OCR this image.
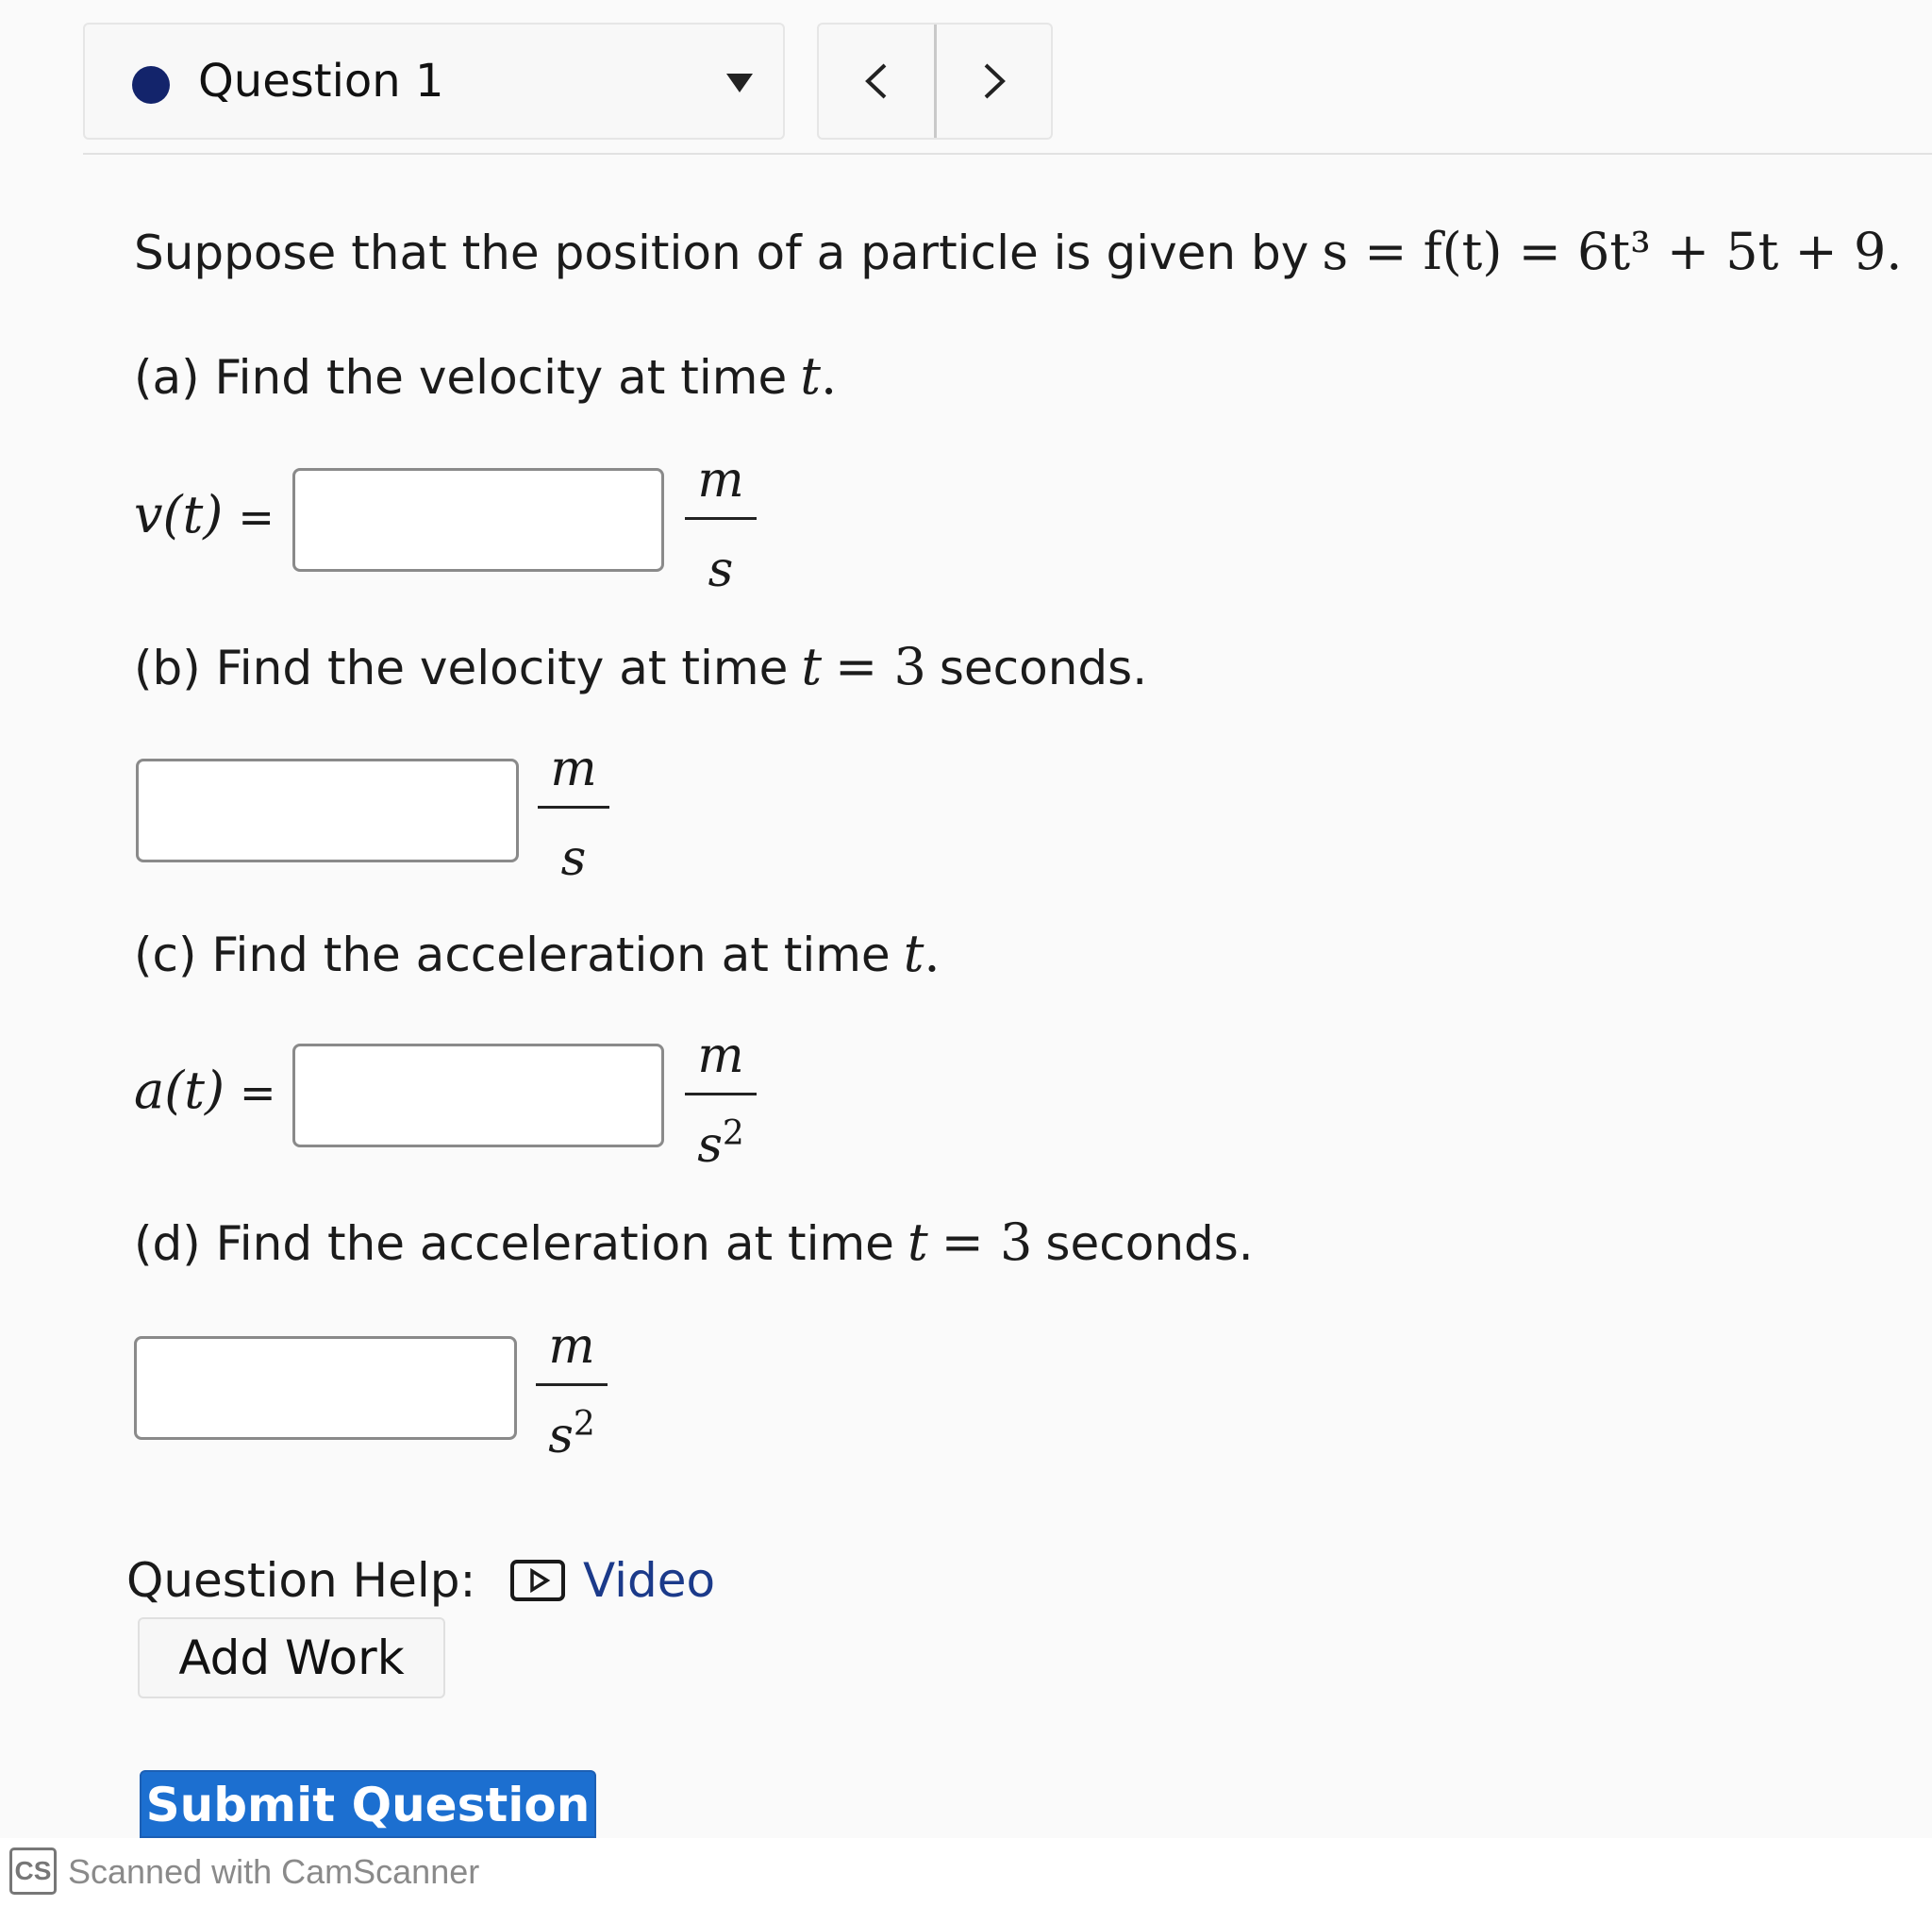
Question 1
Suppose that the position of a particle is given by s = f(t) = 6t³ + 5t + 9.
(a) Find the velocity at time t.
v(t) =
m
s
(b) Find the velocity at time t = 3 seconds.
m
s
(c) Find the acceleration at time t.
a(t) =
m
$s^2$
(d) Find the acceleration at time t = 3 seconds.
m
$s^2$
Question Help: Video
Add Work
Submit Question
CS Scanned with CamScanner
